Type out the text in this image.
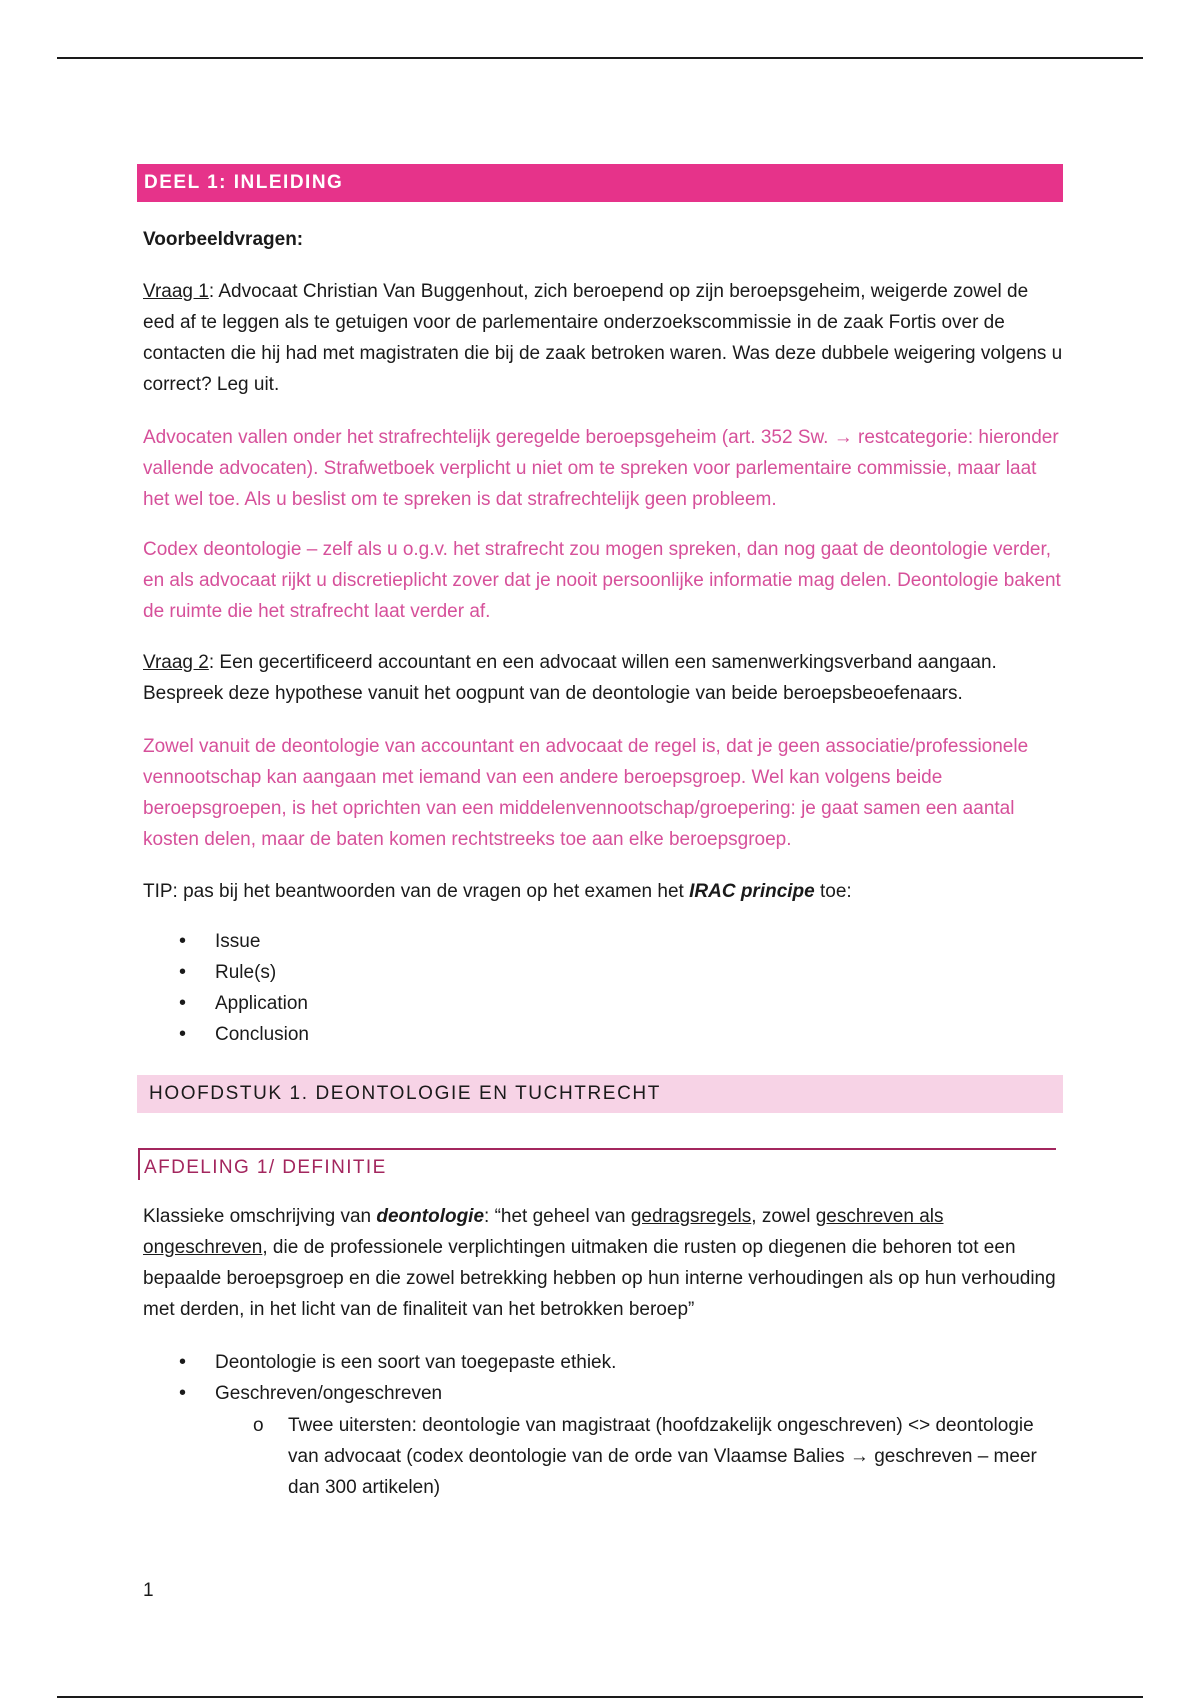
DEEL 1: INLEIDING

Voorbeeldvragen:

Vraag 1: Advocaat Christian Van Buggenhout, zich beroepend op zijn beroepsgeheim, weigerde zowel de eed af te leggen als te getuigen voor de parlementaire onderzoekscommissie in de zaak Fortis over de contacten die hij had met magistraten die bij de zaak betroken waren. Was deze dubbele weigering volgens u correct? Leg uit.

Advocaten vallen onder het strafrechtelijk geregelde beroepsgeheim (art. 352 Sw. → restcategorie: hieronder vallende advocaten). Strafwetboek verplicht u niet om te spreken voor parlementaire commissie, maar laat het wel toe. Als u beslist om te spreken is dat strafrechtelijk geen probleem.

Codex deontologie – zelf als u o.g.v. het strafrecht zou mogen spreken, dan nog gaat de deontologie verder, en als advocaat rijkt u discretieplicht zover dat je nooit persoonlijke informatie mag delen. Deontologie bakent de ruimte die het strafrecht laat verder af.

Vraag 2: Een gecertificeerd accountant en een advocaat willen een samenwerkingsverband aangaan. Bespreek deze hypothese vanuit het oogpunt van de deontologie van beide beroepsbeoefenaars.

Zowel vanuit de deontologie van accountant en advocaat de regel is, dat je geen associatie/professionele vennootschap kan aangaan met iemand van een andere beroepsgroep. Wel kan volgens beide beroepsgroepen, is het oprichten van een middelenvennootschap/groepering: je gaat samen een aantal kosten delen, maar de baten komen rechtstreeks toe aan elke beroepsgroep.

TIP: pas bij het beantwoorden van de vragen op het examen het IRAC principe toe:

• Issue
• Rule(s)
• Application
• Conclusion
HOOFDSTUK 1. DEONTOLOGIE EN TUCHTRECHT
AFDELING 1/ DEFINITIE

Klassieke omschrijving van deontologie: “het geheel van gedragsregels, zowel geschreven als ongeschreven, die de professionele verplichtingen uitmaken die rusten op diegenen die behoren tot een bepaalde beroepsgroep en die zowel betrekking hebben op hun interne verhoudingen als op hun verhouding met derden, in het licht van de finaliteit van het betrokken beroep”

• Deontologie is een soort van toegepaste ethiek.
• Geschreven/ongeschreven
o Twee uitersten: deontologie van magistraat (hoofdzakelijk ongeschreven) <> deontologie van advocaat (codex deontologie van de orde van Vlaamse Balies → geschreven – meer dan 300 artikelen)
1
